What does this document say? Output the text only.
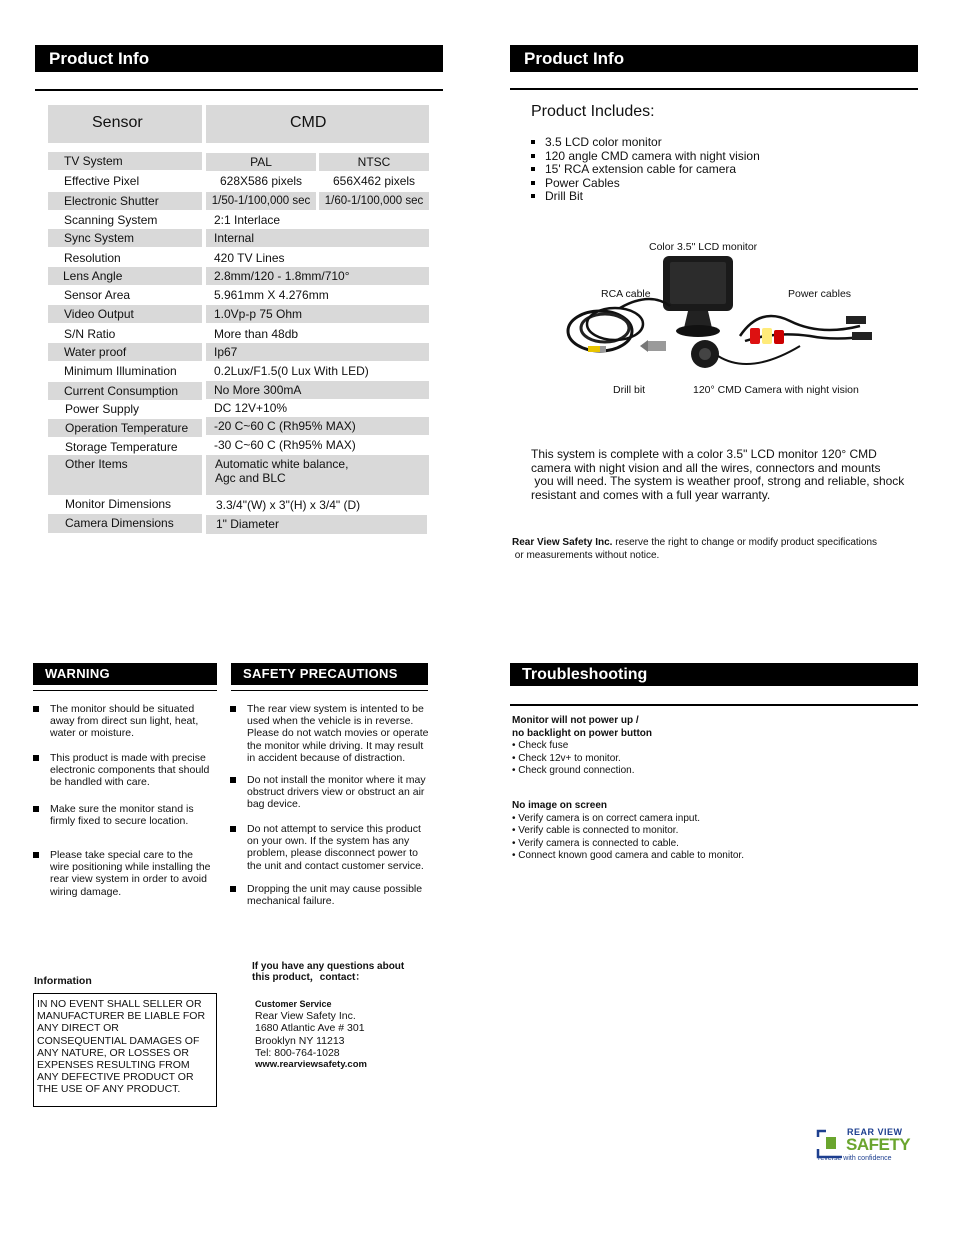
Product Info	Product Info
Sensor	CMD
TV System	PAL	NTSC
Effective Pixel	628X586 pixels	656X462 pixels
Electronic Shutter	1/50-1/100,000 sec	1/60-1/100,000 sec
Scanning System	2:1 Interlace
Sync System	Internal
Resolution	420 TV Lines
Lens Angle	2.8mm/120 - 1.8mm/710°
Sensor Area	5.961mm X 4.276mm
Video Output	1.0Vp-p 75 Ohm
S/N Ratio	More than 48db
Water proof	Ip67
Minimum Illumination	0.2Lux/F1.5(0 Lux With LED)
Current Consumption	No More 300mA
Power Supply	DC 12V+10%
Operation Temperature	-20 C~60 C (Rh95% MAX)
Storage Temperature	-30 C~60 C (Rh95% MAX)
Other Items	Automatic white balance,
Agc and BLC
Monitor Dimensions	3.3/4"(W) x 3"(H) x 3/4" (D)
Camera Dimensions	1" Diameter
Product Includes:
3.5 LCD color monitor
120 angle CMD camera with night vision
15' RCA extension cable for camera
Power Cables
Drill Bit
Color 3.5" LCD monitor
RCA cable	Power cables
Drill bit	120° CMD Camera with night vision
This system is complete with a color 3.5" LCD monitor 120° CMD
camera with night vision and all the wires, connectors and mounts
you will need. The system is weather proof, strong and reliable, shock
resistant and comes with a full year warranty.
Rear View Safety Inc. reserve the right to change or modify product specifications
or measurements without notice.
WARNING
The monitor should be situated
away from direct sun light, heat,
water or moisture.
This product is made with precise
electronic components that should
be handled with care.
Make sure the monitor stand is
firmly fixed to secure location.
Please take special care to the
wire positioning while installing the
rear view system in order to avoid
wiring damage.
SAFETY PRECAUTIONS
The rear view system is intented to be
used when the vehicle is in reverse.
Please do not watch movies or operate
the monitor while driving. It may result
in accident because of distraction.
Do not install the monitor where it may
obstruct drivers view or obstruct an air
bag device.
Do not attempt to service this product
on your own. If the system has any
problem, please disconnect power to
the unit and contact customer service.
Dropping the unit may cause possible
mechanical failure.
Troubleshooting
Monitor will not power up /
no backlight on power button
• Check fuse
• Check 12v+ to monitor.
• Check ground connection.
No image on screen
• Verify camera is on correct camera input.
• Verify cable is connected to monitor.
• Verify camera is connected to cable.
• Connect known good camera and cable to monitor.
Information
IN NO EVENT SHALL SELLER OR
MANUFACTURER BE LIABLE FOR
ANY DIRECT OR
CONSEQUENTIAL DAMAGES OF
ANY NATURE, OR LOSSES OR
EXPENSES RESULTING FROM
ANY DEFECTIVE PRODUCT OR
THE USE OF ANY PRODUCT.
If you have any questions about
this product，contact：
Customer Service
Rear View Safety Inc.
1680 Atlantic Ave # 301
Brooklyn NY 11213
Tel: 800-764-1028
www.rearviewsafety.com
REAR VIEW
SAFETY
reverse with confidence
